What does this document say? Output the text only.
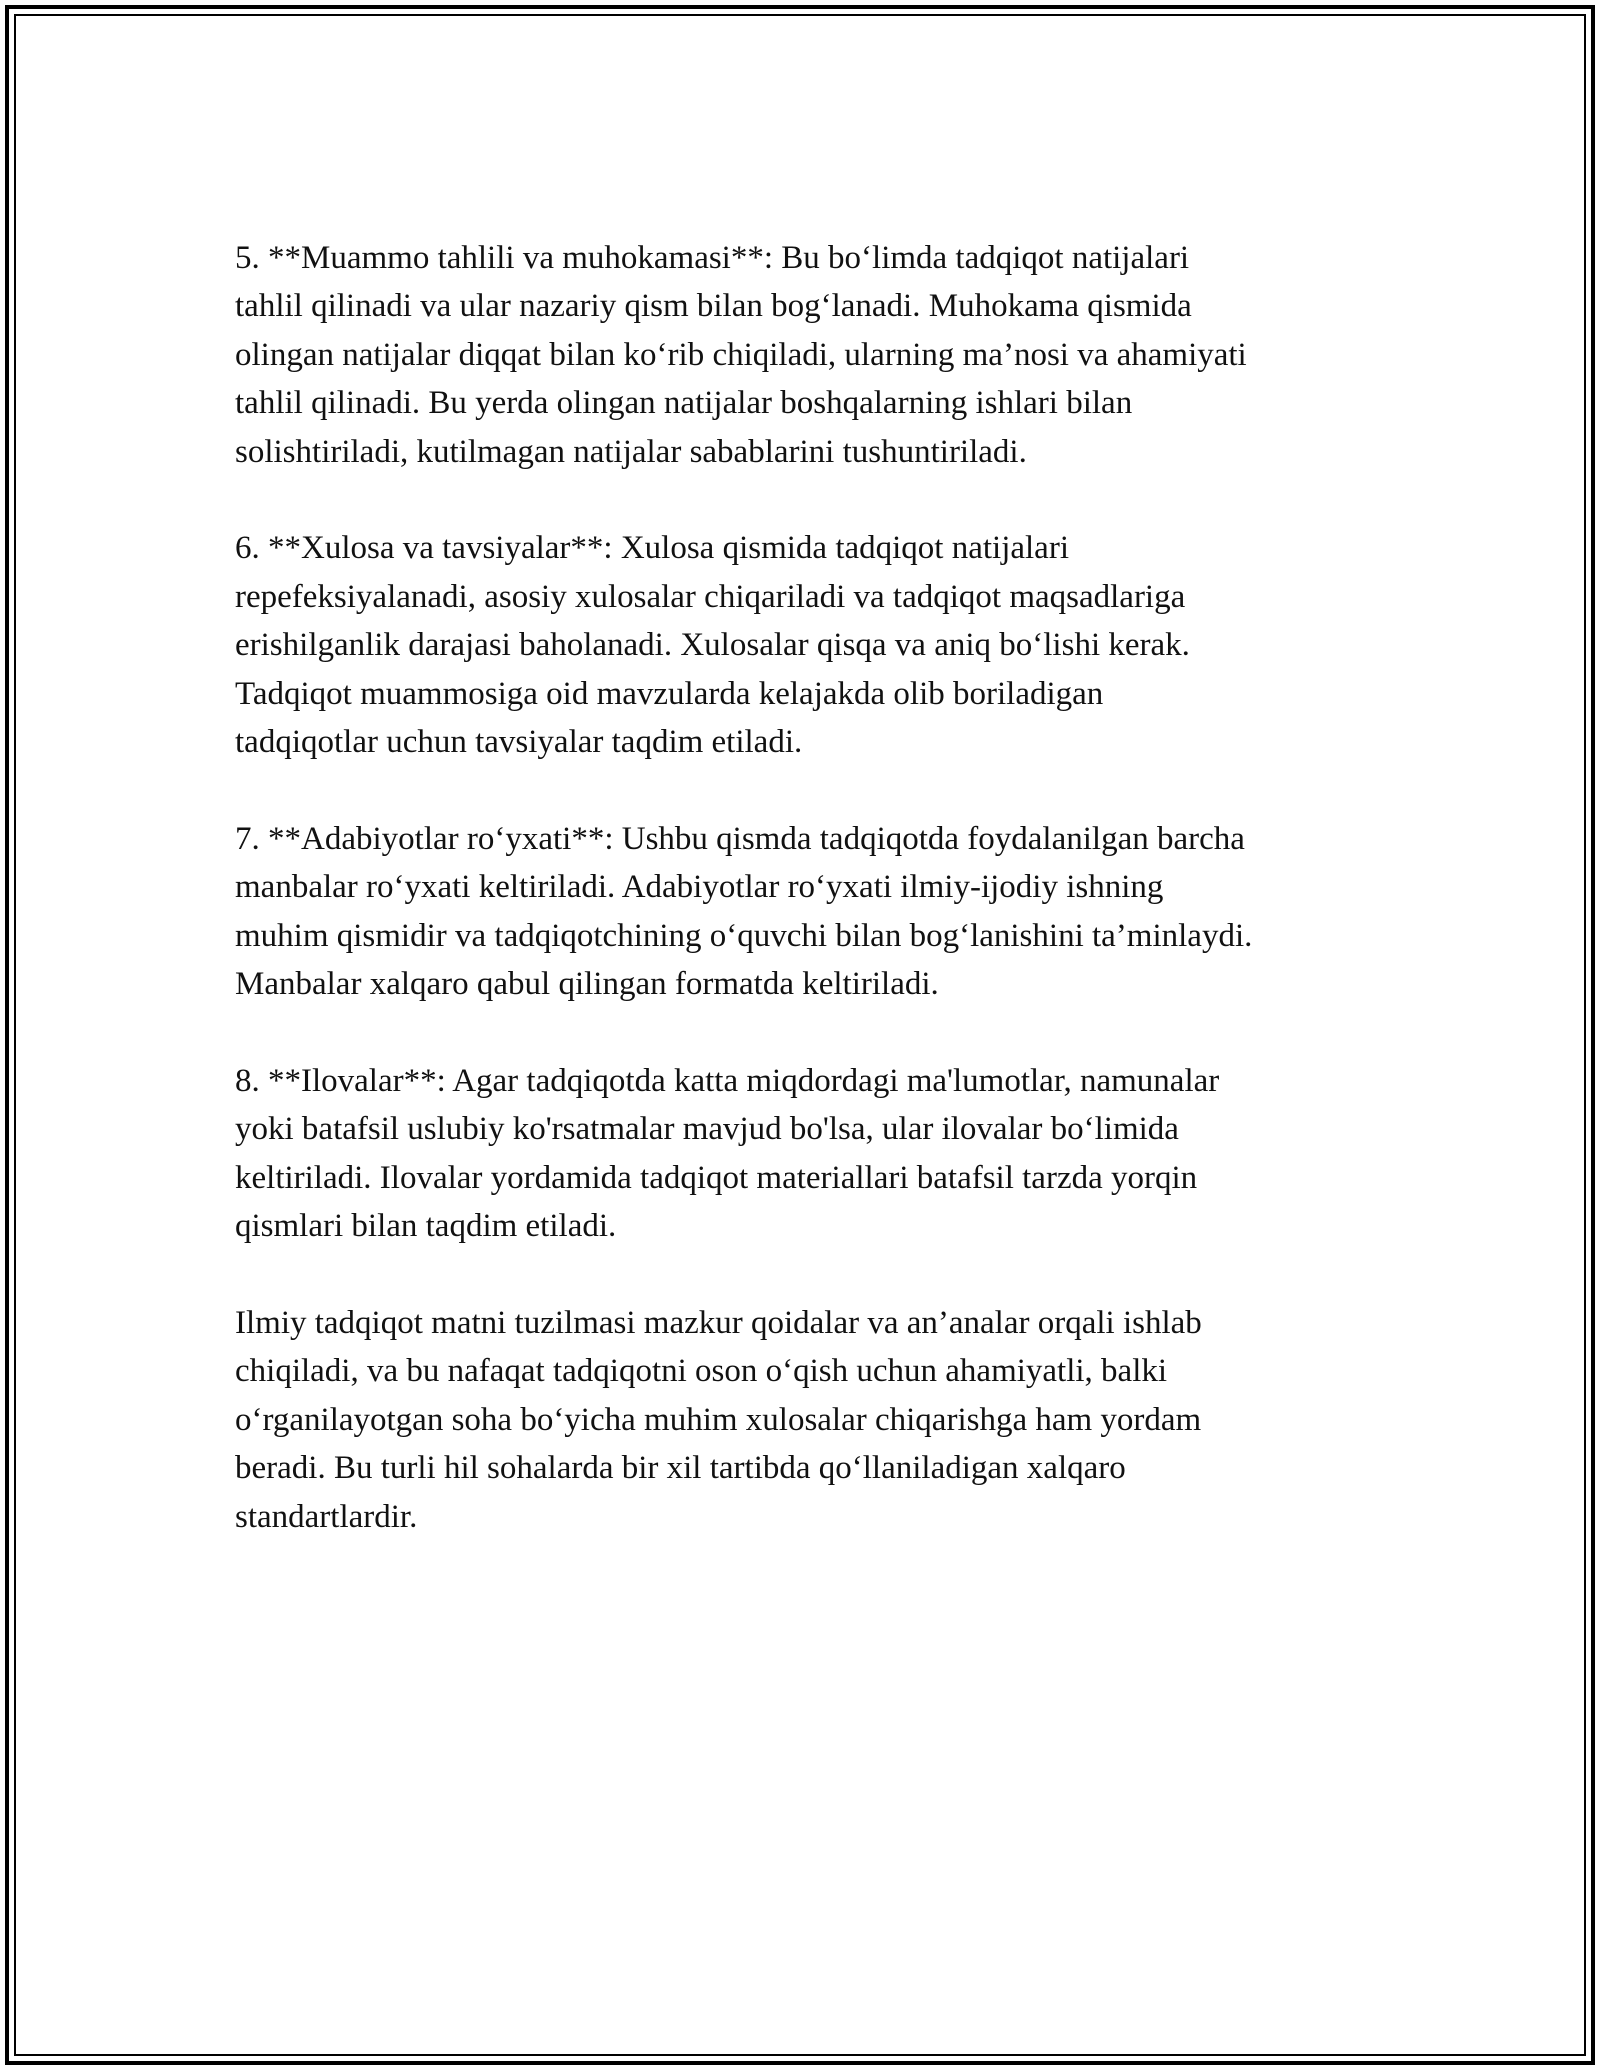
5. **Muammo tahlili va muhokamasi**: Bu bo‘limda tadqiqot natijalari
tahlil qilinadi va ular nazariy qism bilan bog‘lanadi. Muhokama qismida
olingan natijalar diqqat bilan ko‘rib chiqiladi, ularning ma’nosi va ahamiyati
tahlil qilinadi. Bu yerda olingan natijalar boshqalarning ishlari bilan
solishtiriladi, kutilmagan natijalar sabablarini tushuntiriladi.

6. **Xulosa va tavsiyalar**: Xulosa qismida tadqiqot natijalari
repefeksiyalanadi, asosiy xulosalar chiqariladi va tadqiqot maqsadlariga
erishilganlik darajasi baholanadi. Xulosalar qisqa va aniq bo‘lishi kerak.
Tadqiqot muammosiga oid mavzularda kelajakda olib boriladigan
tadqiqotlar uchun tavsiyalar taqdim etiladi.

7. **Adabiyotlar ro‘yxati**: Ushbu qismda tadqiqotda foydalanilgan barcha
manbalar ro‘yxati keltiriladi. Adabiyotlar ro‘yxati ilmiy-ijodiy ishning
muhim qismidir va tadqiqotchining o‘quvchi bilan bog‘lanishini ta’minlaydi.
Manbalar xalqaro qabul qilingan formatda keltiriladi.

8. **Ilovalar**: Agar tadqiqotda katta miqdordagi ma'lumotlar, namunalar
yoki batafsil uslubiy ko'rsatmalar mavjud bo'lsa, ular ilovalar bo‘limida
keltiriladi. Ilovalar yordamida tadqiqot materiallari batafsil tarzda yorqin
qismlari bilan taqdim etiladi.

Ilmiy tadqiqot matni tuzilmasi mazkur qoidalar va an’analar orqali ishlab
chiqiladi, va bu nafaqat tadqiqotni oson o‘qish uchun ahamiyatli, balki
o‘rganilayotgan soha bo‘yicha muhim xulosalar chiqarishga ham yordam
beradi. Bu turli hil sohalarda bir xil tartibda qo‘llaniladigan xalqaro
standartlardir.
